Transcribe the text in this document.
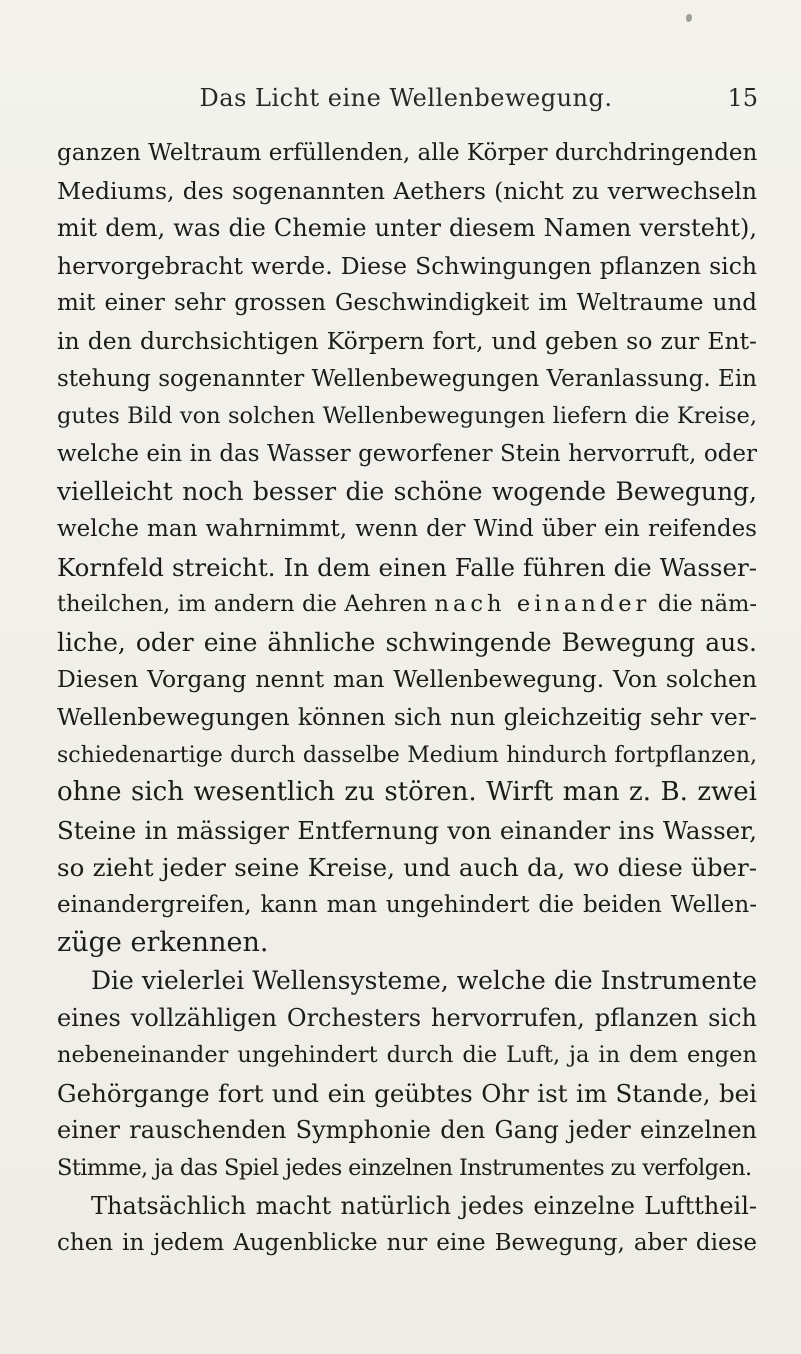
Das Licht eine Wellenbewegung.	15
ganzen Weltraum erfüllenden, alle Körper durchdringenden
Mediums, des sogenannten Aethers (nicht zu verwechseln
mit dem, was die Chemie unter diesem Namen versteht),
hervorgebracht werde. Diese Schwingungen pflanzen sich
mit einer sehr grossen Geschwindigkeit im Weltraume und
in den durchsichtigen Körpern fort, und geben so zur Ent-
stehung sogenannter Wellenbewegungen Veranlassung. Ein
gutes Bild von solchen Wellenbewegungen liefern die Kreise,
welche ein in das Wasser geworfener Stein hervorruft, oder
vielleicht noch besser die schöne wogende Bewegung,
welche man wahrnimmt, wenn der Wind über ein reifendes
Kornfeld streicht. In dem einen Falle führen die Wasser-
theilchen, im andern die Aehren nach einander die näm-
liche, oder eine ähnliche schwingende Bewegung aus.
Diesen Vorgang nennt man Wellenbewegung. Von solchen
Wellenbewegungen können sich nun gleichzeitig sehr ver-
schiedenartige durch dasselbe Medium hindurch fortpflanzen,
ohne sich wesentlich zu stören. Wirft man z. B. zwei
Steine in mässiger Entfernung von einander ins Wasser,
so zieht jeder seine Kreise, und auch da, wo diese über-
einandergreifen, kann man ungehindert die beiden Wellen-
züge erkennen.
Die vielerlei Wellensysteme, welche die Instrumente
eines vollzähligen Orchesters hervorrufen, pflanzen sich
nebeneinander ungehindert durch die Luft, ja in dem engen
Gehörgange fort und ein geübtes Ohr ist im Stande, bei
einer rauschenden Symphonie den Gang jeder einzelnen
Stimme, ja das Spiel jedes einzelnen Instrumentes zu verfolgen.
Thatsächlich macht natürlich jedes einzelne Lufttheil-
chen in jedem Augenblicke nur eine Bewegung, aber diese
